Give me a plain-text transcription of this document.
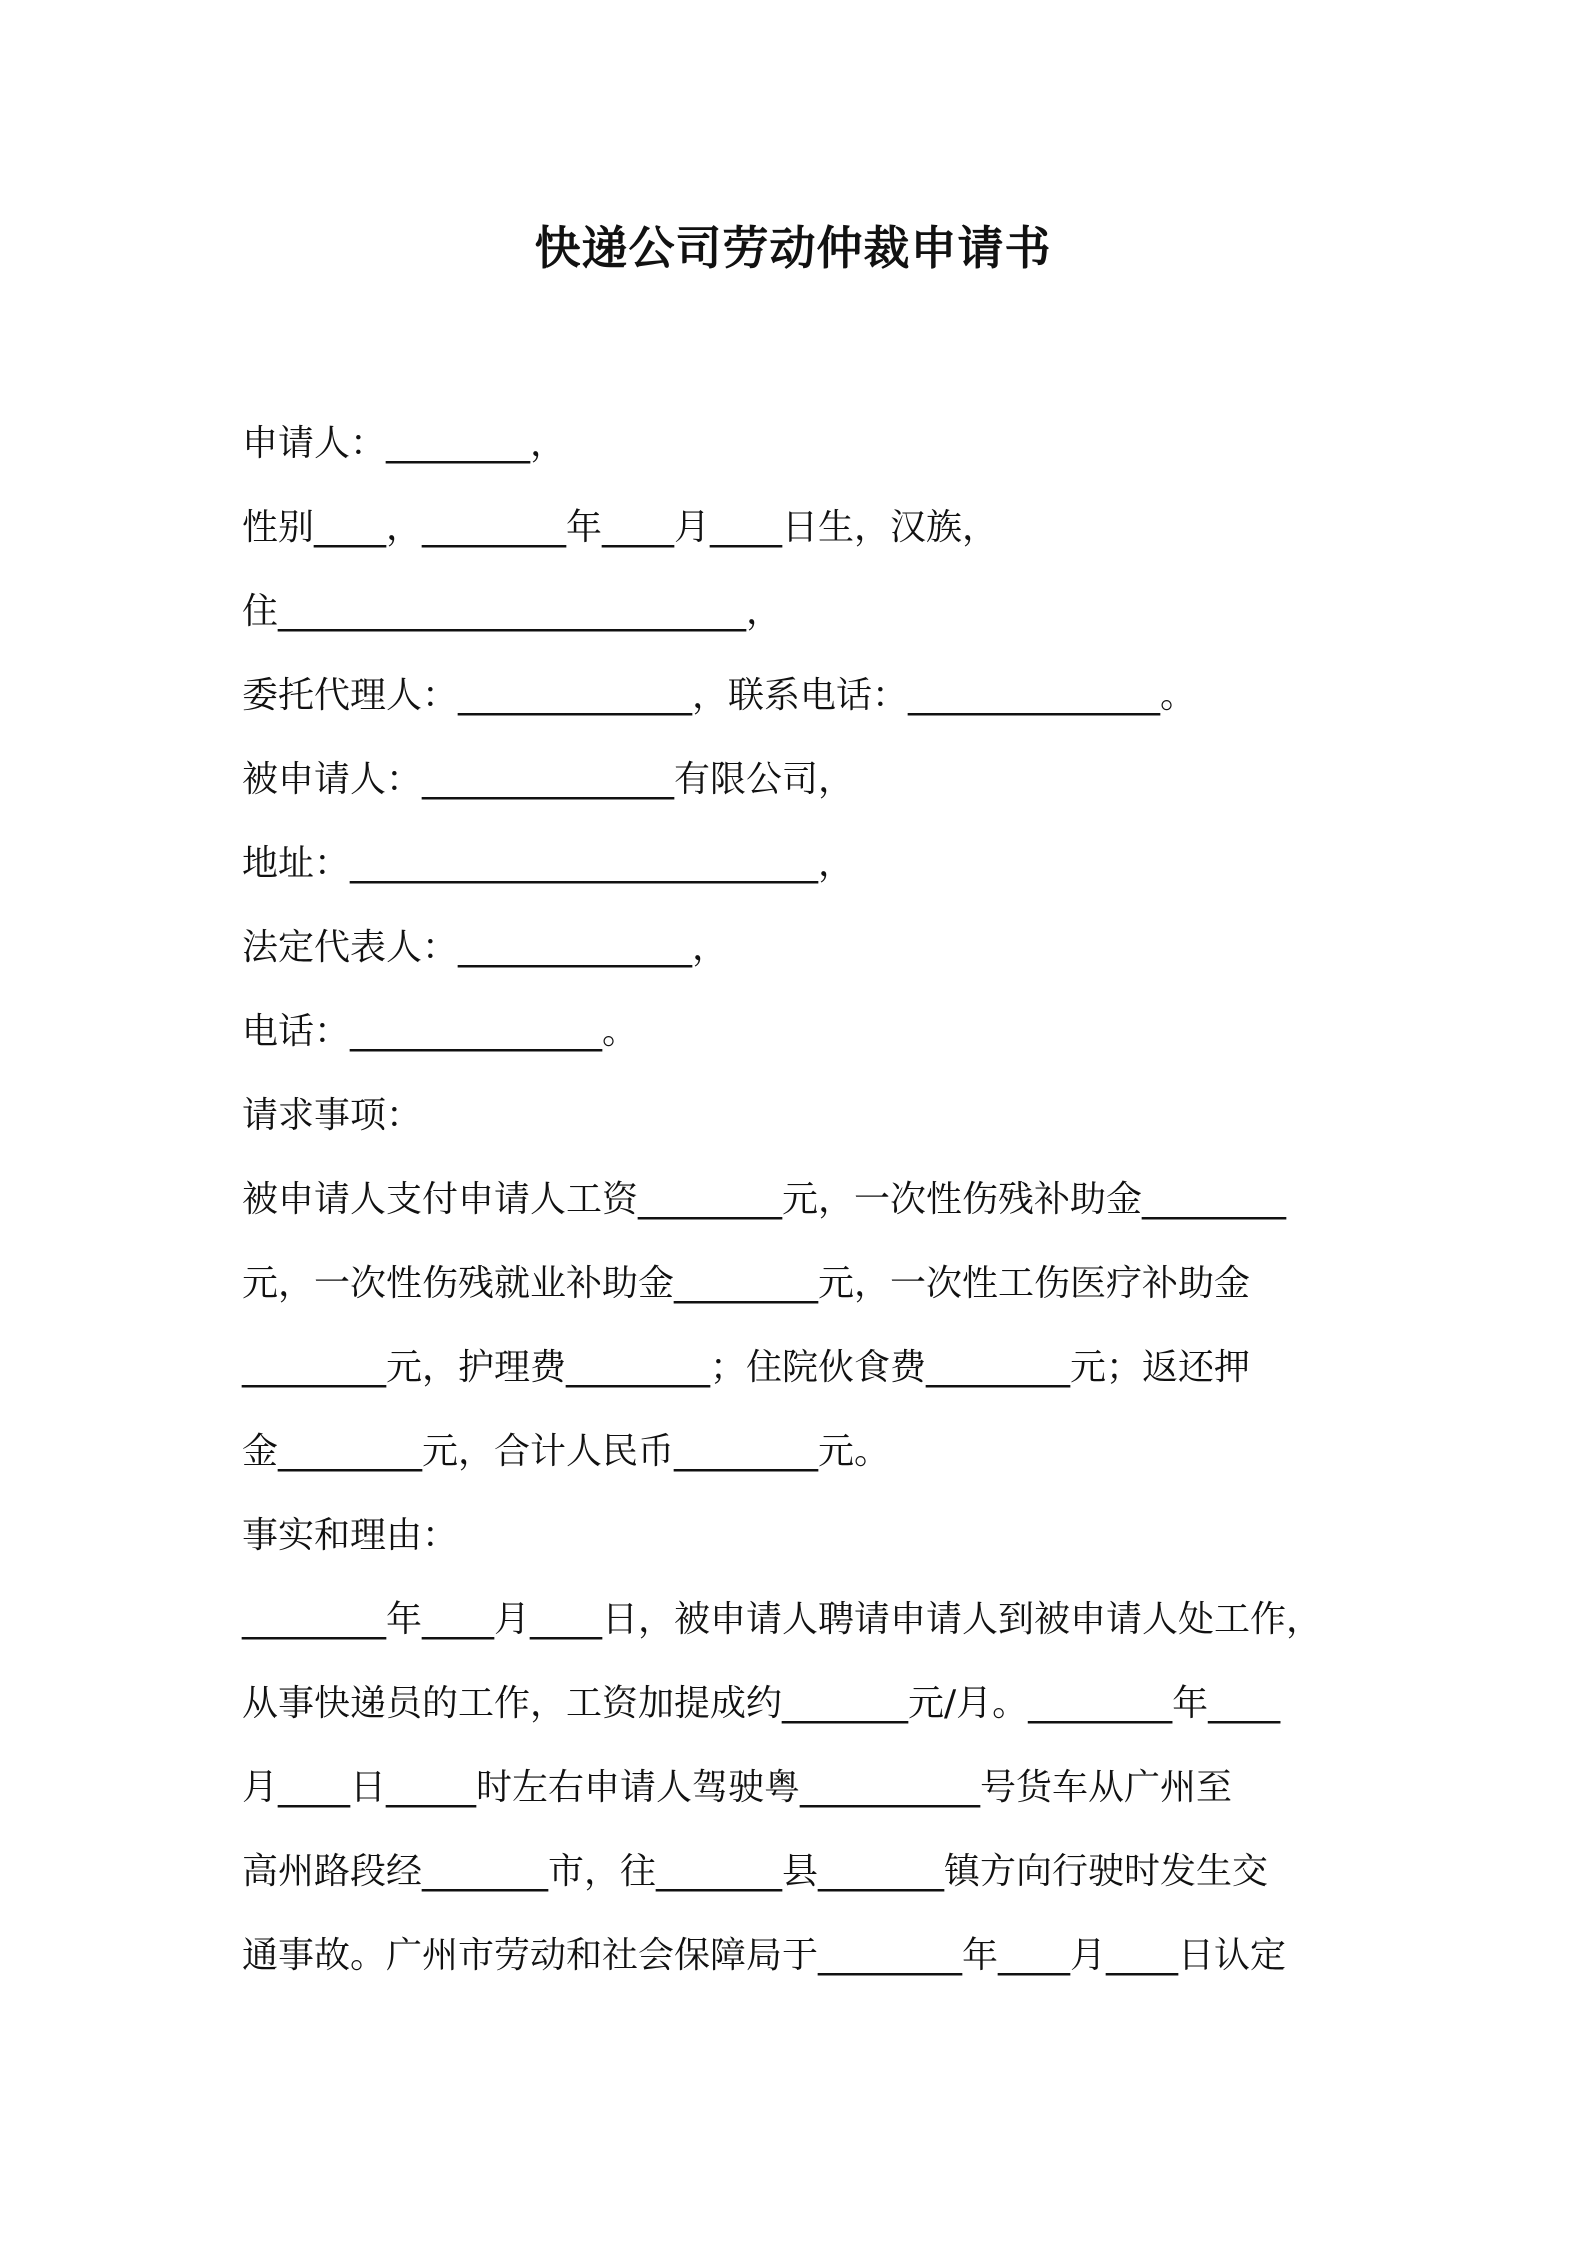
快递公司劳动仲裁申请书
申请人：________，
性别____，________年____月____日生，汉族，
住__________________________，
委托代理人：_____________，联系电话：______________。
被申请人：______________有限公司，
地址：__________________________，
法定代表人：_____________，
电话：______________。
请求事项：
被申请人支付申请人工资________元，一次性伤残补助金________
元，一次性伤残就业补助金________元，一次性工伤医疗补助金
________元，护理费________；住院伙食费________元；返还押
金________元，合计人民币________元。
事实和理由：
________年____月____日，被申请人聘请申请人到被申请人处工作，
从事快递员的工作，工资加提成约_______元/月。________年____
月____日_____时左右申请人驾驶粤__________号货车从广州至
高州路段经_______市，往_______县_______镇方向行驶时发生交
通事故。广州市劳动和社会保障局于________年____月____日认定
